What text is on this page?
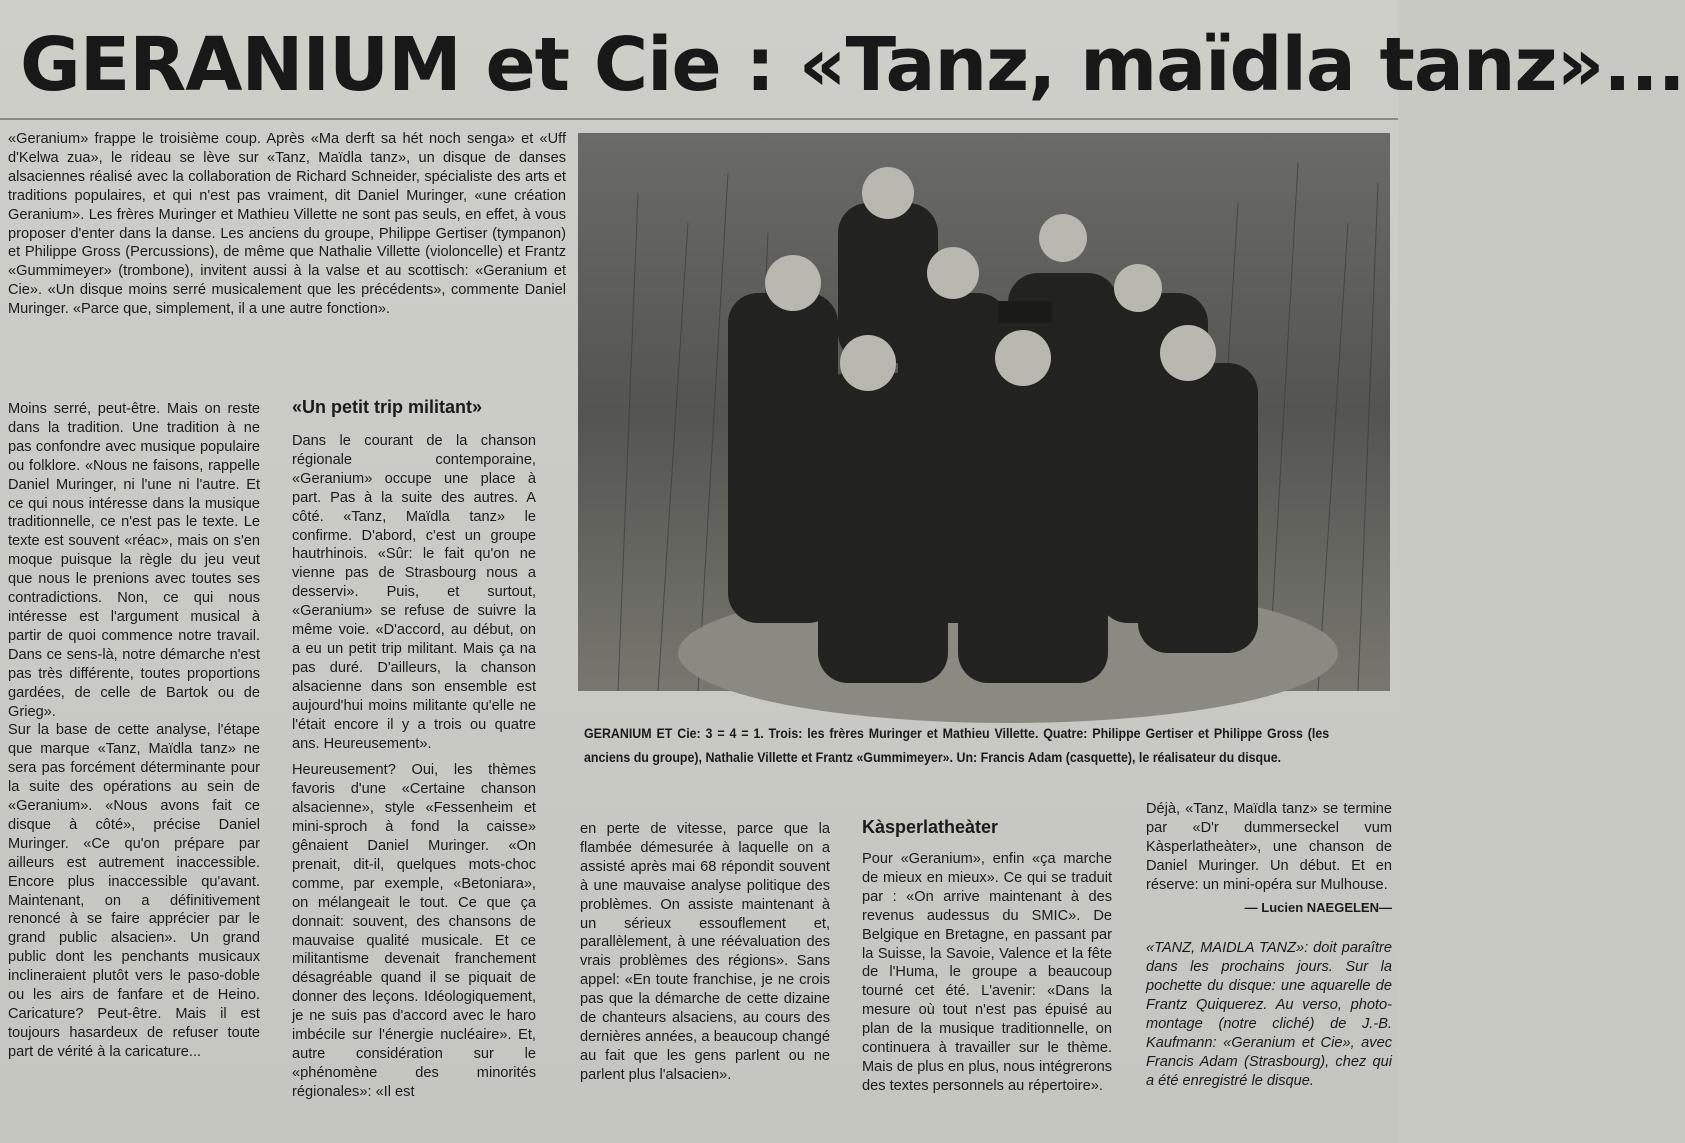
GERANIUM et Cie : «Tanz, maïdla tanz»...

«Geranium» frappe le troisième coup. Après «Ma derft sa hét noch senga» et «Uff d'Kelwa zua», le rideau se lève sur «Tanz, Maïdla tanz», un disque de danses alsaciennes réalisé avec la collaboration de Richard Schneider, spécialiste des arts et traditions populaires, et qui n'est pas vraiment, dit Daniel Muringer, «une création Geranium». Les frères Muringer et Mathieu Villette ne sont pas seuls, en effet, à vous proposer d'enter dans la danse. Les anciens du groupe, Philippe Gertiser (tympanon) et Philippe Gross (Percussions), de même que Nathalie Villette (violoncelle) et Frantz «Gummimeyer» (trombone), invitent aussi à la valse et au scottisch: «Geranium et Cie». «Un disque moins serré musicalement que les précédents», commente Daniel Muringer. «Parce que, simplement, il a une autre fonction».

Moins serré, peut-être. Mais on reste dans la tradition. Une tradition à ne pas confondre avec musique populaire ou folklore. «Nous ne faisons, rappelle Daniel Muringer, ni l'une ni l'autre. Et ce qui nous intéresse dans la musique traditionnelle, ce n'est pas le texte. Le texte est souvent «réac», mais on s'en moque puisque la règle du jeu veut que nous le prenions avec toutes ses contradictions. Non, ce qui nous intéresse est l'argument musical à partir de quoi commence notre travail. Dans ce sens-là, notre démarche n'est pas très différente, toutes proportions gardées, de celle de Bartok ou de Grieg».

Sur la base de cette analyse, l'étape que marque «Tanz, Maïdla tanz» ne sera pas forcément déterminante pour la suite des opérations au sein de «Geranium». «Nous avons fait ce disque à côté», précise Daniel Muringer. «Ce qu'on prépare par ailleurs est autrement inaccessible. Encore plus inaccessible qu'avant. Maintenant, on a définitivement renoncé à se faire apprécier par le grand public alsacien». Un grand public dont les penchants musicaux inclineraient plutôt vers le paso-doble ou les airs de fanfare et de Heino. Caricature? Peut-être. Mais il est toujours hasardeux de refuser toute part de vérité à la caricature...

«Un petit trip militant»

Dans le courant de la chanson régionale contemporaine, «Geranium» occupe une place à part. Pas à la suite des autres. A côté. «Tanz, Maïdla tanz» le confirme. D'abord, c'est un groupe hautrhinois. «Sûr: le fait qu'on ne vienne pas de Strasbourg nous a desservi». Puis, et surtout, «Geranium» se refuse de suivre la même voie. «D'accord, au début, on a eu un petit trip militant. Mais ça na pas duré. D'ailleurs, la chanson alsacienne dans son ensemble est aujourd'hui moins militante qu'elle ne l'était encore il y a trois ou quatre ans. Heureusement».

Heureusement? Oui, les thèmes favoris d'une «Certaine chanson alsacienne», style «Fessenheim et mini-sproch à fond la caisse» gênaient Daniel Muringer. «On prenait, dit-il, quelques mots-choc comme, par exemple, «Betoniara», on mélangeait le tout. Ce que ça donnait: souvent, des chansons de mauvaise qualité musicale. Et ce militantisme devenait franchement désagréable quand il se piquait de donner des leçons. Idéologiquement, je ne suis pas d'accord avec le haro imbécile sur l'énergie nucléaire». Et, autre considération sur le «phénomène des minorités régionales»: «Il est

GERANIUM ET Cie: 3 = 4 = 1. Trois: les frères Muringer et Mathieu Villette. Quatre: Philippe Gertiser et Philippe Gross (les anciens du groupe), Nathalie Villette et Frantz «Gummimeyer». Un: Francis Adam (casquette), le réalisateur du disque.

en perte de vitesse, parce que la flambée démesurée à laquelle on a assisté après mai 68 répondit souvent à une mauvaise analyse politique des problèmes. On assiste maintenant à un sérieux essouflement et, parallèlement, à une réévaluation des vrais problèmes des régions». Sans appel: «En toute franchise, je ne crois pas que la démarche de cette dizaine de chanteurs alsaciens, au cours des dernières années, a beaucoup changé au fait que les gens parlent ou ne parlent plus l'alsacien».

Kàsperlatheàter

Pour «Geranium», enfin «ça marche de mieux en mieux». Ce qui se traduit par : «On arrive maintenant à des revenus audessus du SMIC». De Belgique en Bretagne, en passant par la Suisse, la Savoie, Valence et la fête de l'Huma, le groupe a beaucoup tourné cet été. L'avenir: «Dans la mesure où tout n'est pas épuisé au plan de la musique traditionnelle, on continuera à travailler sur le thème. Mais de plus en plus, nous intégrerons des textes personnels au répertoire».

Déjà, «Tanz, Maïdla tanz» se termine par «D'r dummerseckel vum Kàsperlatheàter», une chanson de Daniel Muringer. Un début. Et en réserve: un mini-opéra sur Mulhouse.

— Lucien NAEGELEN—

«TANZ, MAIDLA TANZ»: doit paraître dans les prochains jours. Sur la pochette du disque: une aquarelle de Frantz Quiquerez. Au verso, photo-montage (notre cliché) de J.-B. Kaufmann: «Geranium et Cie», avec Francis Adam (Strasbourg), chez qui a été enregistré le disque.
